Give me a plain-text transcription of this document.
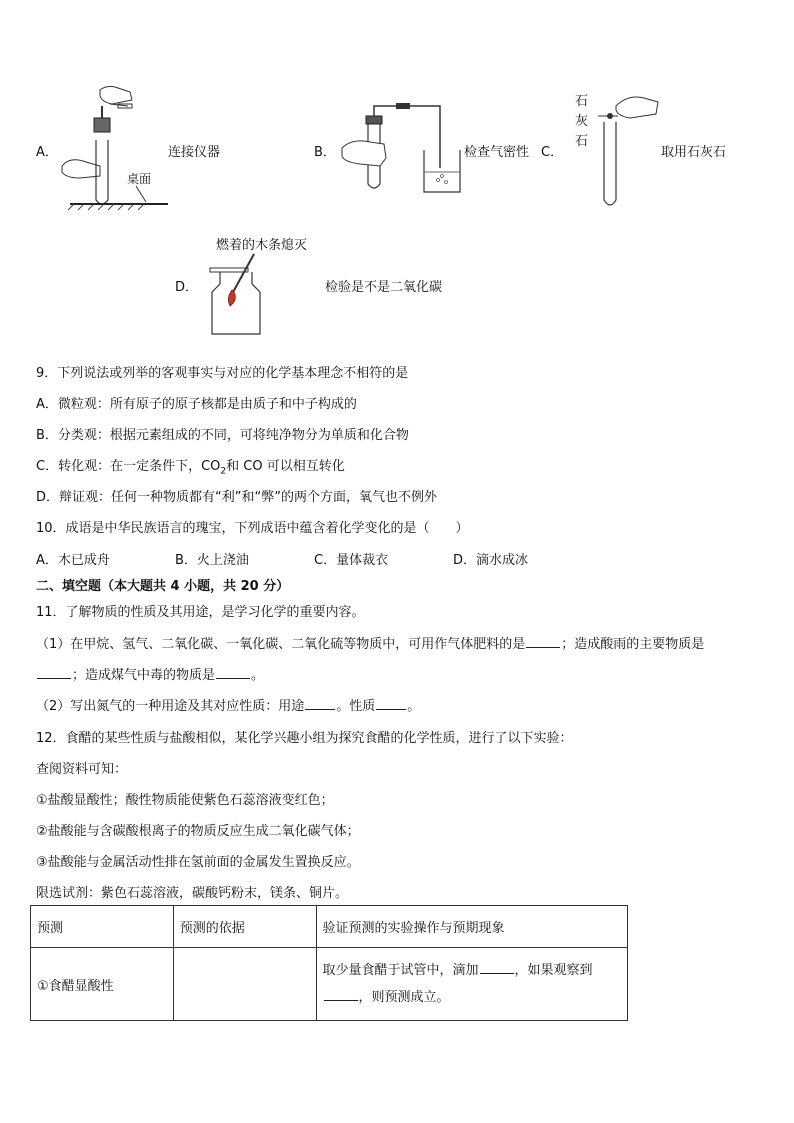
A．
桌面
连接仪器	B．	检查气密性 C．
石
灰
石
取用石灰石
燃着的木条熄灭
D．	检验是不是二氧化碳
9．下列说法或列举的客观事实与对应的化学基本理念不相符的是
A．微粒观：所有原子的原子核都是由质子和中子构成的
B．分类观：根据元素组成的不同，可将纯净物分为单质和化合物
C．转化观：在一定条件下，$CO_2$和 CO 可以相互转化
D．辩证观：任何一种物质都有“利”和“弊”的两个方面，氧气也不例外
10．成语是中华民族语言的瑰宝，下列成语中蕴含着化学变化的是（　　）
A．木已成舟	B．火上浇油	C．量体裁衣	D．滴水成冰
二、填空题（本大题共 4 小题，共 20 分）
11．了解物质的性质及其用途，是学习化学的重要内容。
（1）在甲烷、氢气、二氧化碳、一氧化碳、二氧化硫等物质中，可用作气体肥料的是	；造成酸雨的主要物质是
；造成煤气中毒的物质是	。
（2）写出氮气的一种用途及其对应性质：用途 。性质 。
12．食醋的某些性质与盐酸相似，某化学兴趣小组为探究食醋的化学性质，进行了以下实验：
查阅资料可知：
①盐酸显酸性；酸性物质能使紫色石蕊溶液变红色；
②盐酸能与含碳酸根离子的物质反应生成二氧化碳气体；
③盐酸能与金属活动性排在氢前面的金属发生置换反应。
限选试剂：紫色石蕊溶液，碳酸钙粉末，镁条、铜片。
预测	预测的依据	验证预测的实验操作与预期现象
①食醋显酸性		取少量食醋于试管中，滴加 ，如果观察到
，则预测成立。
